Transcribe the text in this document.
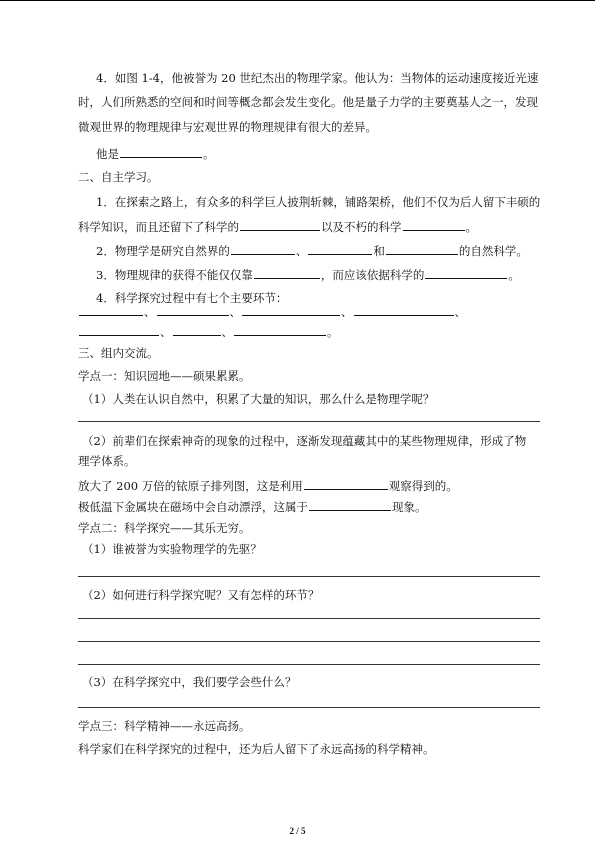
4．如图 1-4，他被誉为 20 世纪杰出的物理学家。他认为：当物体的运动速度接近光速
时，人们所熟悉的空间和时间等概念都会发生变化。他是量子力学的主要奠基人之一，发现
微观世界的物理规律与宏观世界的物理规律有很大的差异。
他是	。
二、自主学习。
1．在探索之路上，有众多的科学巨人披荆斩棘，铺路架桥，他们不仅为后人留下丰硕的
科学知识，而且还留下了科学的	以及不朽的科学	。
2．物理学是研究自然界的	、	和	的自然科学。
3．物理规律的获得不能仅仅靠	，而应该依据科学的	。
4．科学探究过程中有七个主要环节：
、	、	、	、
、	、	。
三、组内交流。
学点一：知识园地——硕果累累。
（1）人类在认识自然中，积累了大量的知识，那么什么是物理学呢？
（2）前辈们在探索神奇的现象的过程中，逐渐发现蕴藏其中的某些物理规律，形成了物
理学体系。
放大了 200 万倍的铱原子排列图，这是利用	观察得到的。
极低温下金属块在磁场中会自动漂浮，这属于	现象。
学点二：科学探究——其乐无穷。
（1）谁被誉为实验物理学的先驱？
（2）如何进行科学探究呢？又有怎样的环节？
（3）在科学探究中，我们要学会些什么？
学点三：科学精神——永远高扬。
科学家们在科学探究的过程中，还为后人留下了永远高扬的科学精神。
2 / 5
